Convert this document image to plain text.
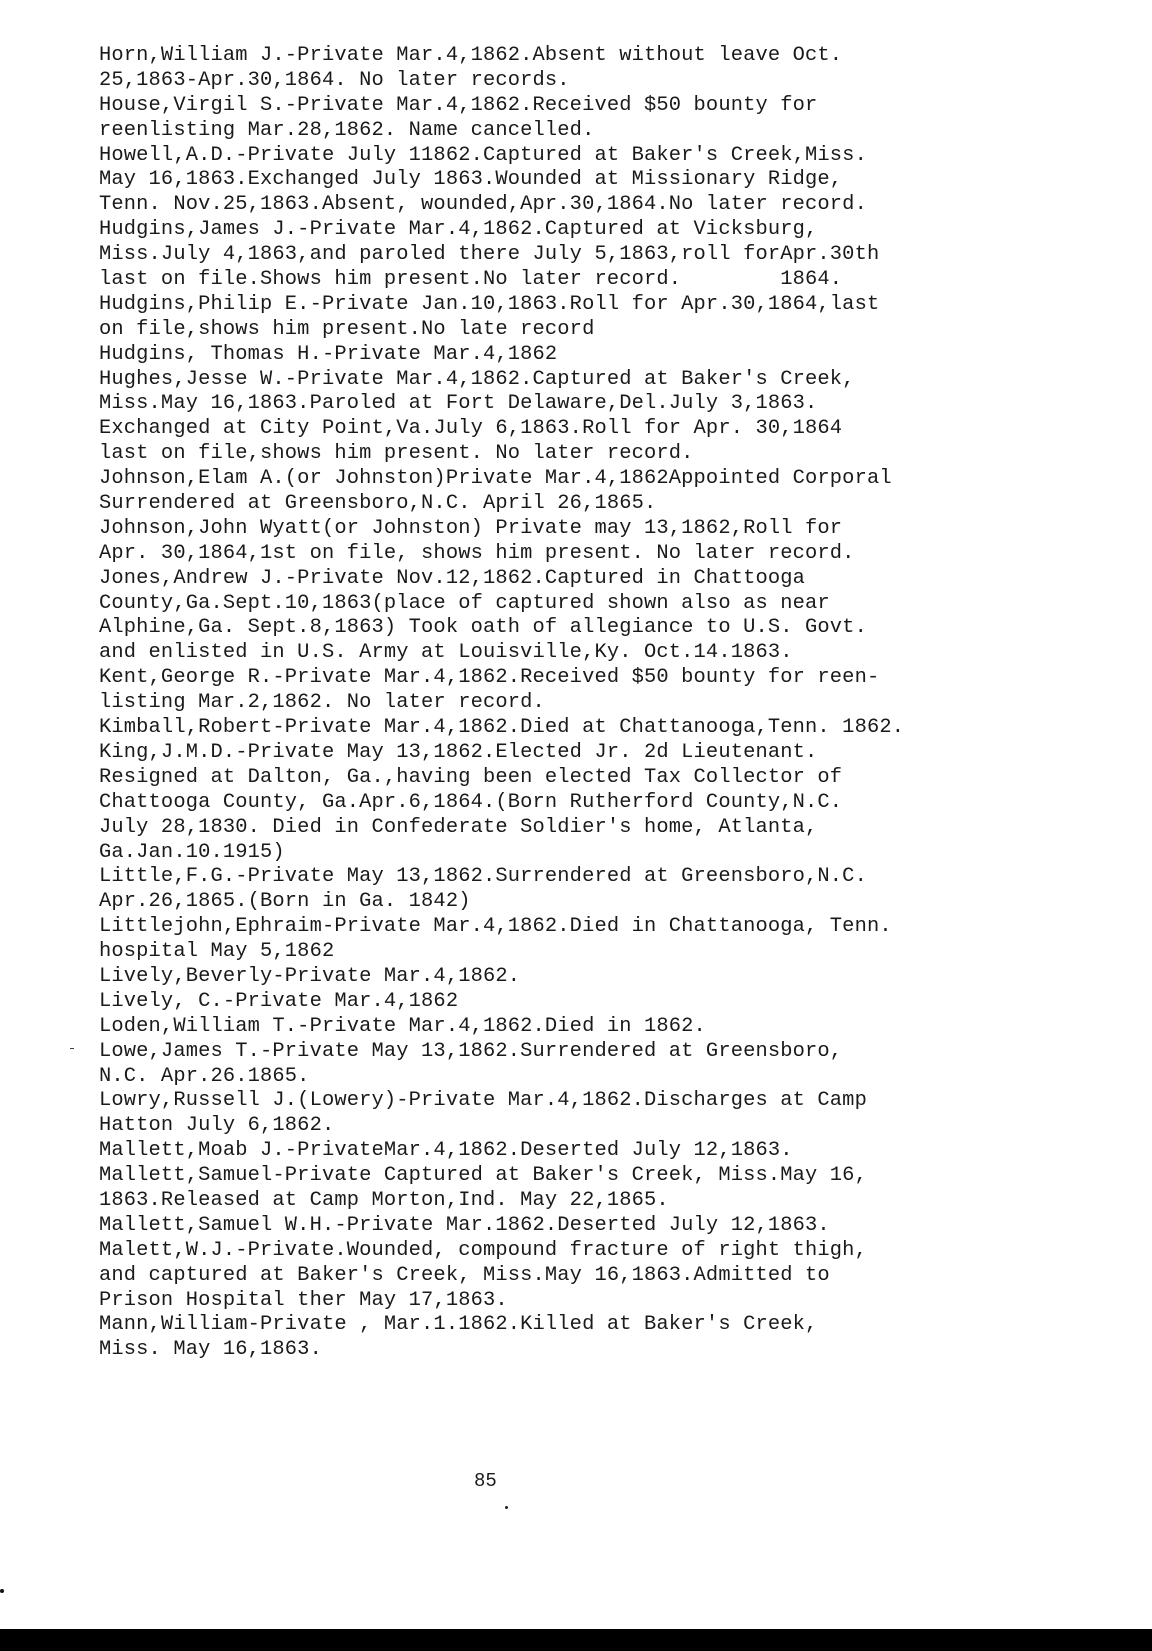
Horn,William J.-Private Mar.4,1862.Absent without leave Oct.
25,1863-Apr.30,1864. No later records.
House,Virgil S.-Private Mar.4,1862.Received $50 bounty for
reenlisting Mar.28,1862. Name cancelled.
Howell,A.D.-Private July 11862.Captured at Baker's Creek,Miss.
May 16,1863.Exchanged July 1863.Wounded at Missionary Ridge,
Tenn. Nov.25,1863.Absent, wounded,Apr.30,1864.No later record.
Hudgins,James J.-Private Mar.4,1862.Captured at Vicksburg,
Miss.July 4,1863,and paroled there July 5,1863,roll forApr.30th
last on file.Shows him present.No later record.        1864.
Hudgins,Philip E.-Private Jan.10,1863.Roll for Apr.30,1864,last
on file,shows him present.No late record
Hudgins, Thomas H.-Private Mar.4,1862
Hughes,Jesse W.-Private Mar.4,1862.Captured at Baker's Creek,
Miss.May 16,1863.Paroled at Fort Delaware,Del.July 3,1863.
Exchanged at City Point,Va.July 6,1863.Roll for Apr. 30,1864
last on file,shows him present. No later record.
Johnson,Elam A.(or Johnston)Private Mar.4,1862Appointed Corporal
Surrendered at Greensboro,N.C. April 26,1865.
Johnson,John Wyatt(or Johnston) Private may 13,1862,Roll for
Apr. 30,1864,1st on file, shows him present. No later record.
Jones,Andrew J.-Private Nov.12,1862.Captured in Chattooga
County,Ga.Sept.10,1863(place of captured shown also as near
Alphine,Ga. Sept.8,1863) Took oath of allegiance to U.S. Govt.
and enlisted in U.S. Army at Louisville,Ky. Oct.14.1863.
Kent,George R.-Private Mar.4,1862.Received $50 bounty for reen-
listing Mar.2,1862. No later record.
Kimball,Robert-Private Mar.4,1862.Died at Chattanooga,Tenn. 1862.
King,J.M.D.-Private May 13,1862.Elected Jr. 2d Lieutenant.
Resigned at Dalton, Ga.,having been elected Tax Collector of
Chattooga County, Ga.Apr.6,1864.(Born Rutherford County,N.C.
July 28,1830. Died in Confederate Soldier's home, Atlanta,
Ga.Jan.10.1915)
Little,F.G.-Private May 13,1862.Surrendered at Greensboro,N.C.
Apr.26,1865.(Born in Ga. 1842)
Littlejohn,Ephraim-Private Mar.4,1862.Died in Chattanooga, Tenn.
hospital May 5,1862
Lively,Beverly-Private Mar.4,1862.
Lively, C.-Private Mar.4,1862
Loden,William T.-Private Mar.4,1862.Died in 1862.
Lowe,James T.-Private May 13,1862.Surrendered at Greensboro,
N.C. Apr.26.1865.
Lowry,Russell J.(Lowery)-Private Mar.4,1862.Discharges at Camp
Hatton July 6,1862.
Mallett,Moab J.-PrivateMar.4,1862.Deserted July 12,1863.
Mallett,Samuel-Private Captured at Baker's Creek, Miss.May 16,
1863.Released at Camp Morton,Ind. May 22,1865.
Mallett,Samuel W.H.-Private Mar.1862.Deserted July 12,1863.
Malett,W.J.-Private.Wounded, compound fracture of right thigh,
and captured at Baker's Creek, Miss.May 16,1863.Admitted to
Prison Hospital ther May 17,1863.
Mann,William-Private , Mar.1.1862.Killed at Baker's Creek,
Miss. May 16,1863.
85
